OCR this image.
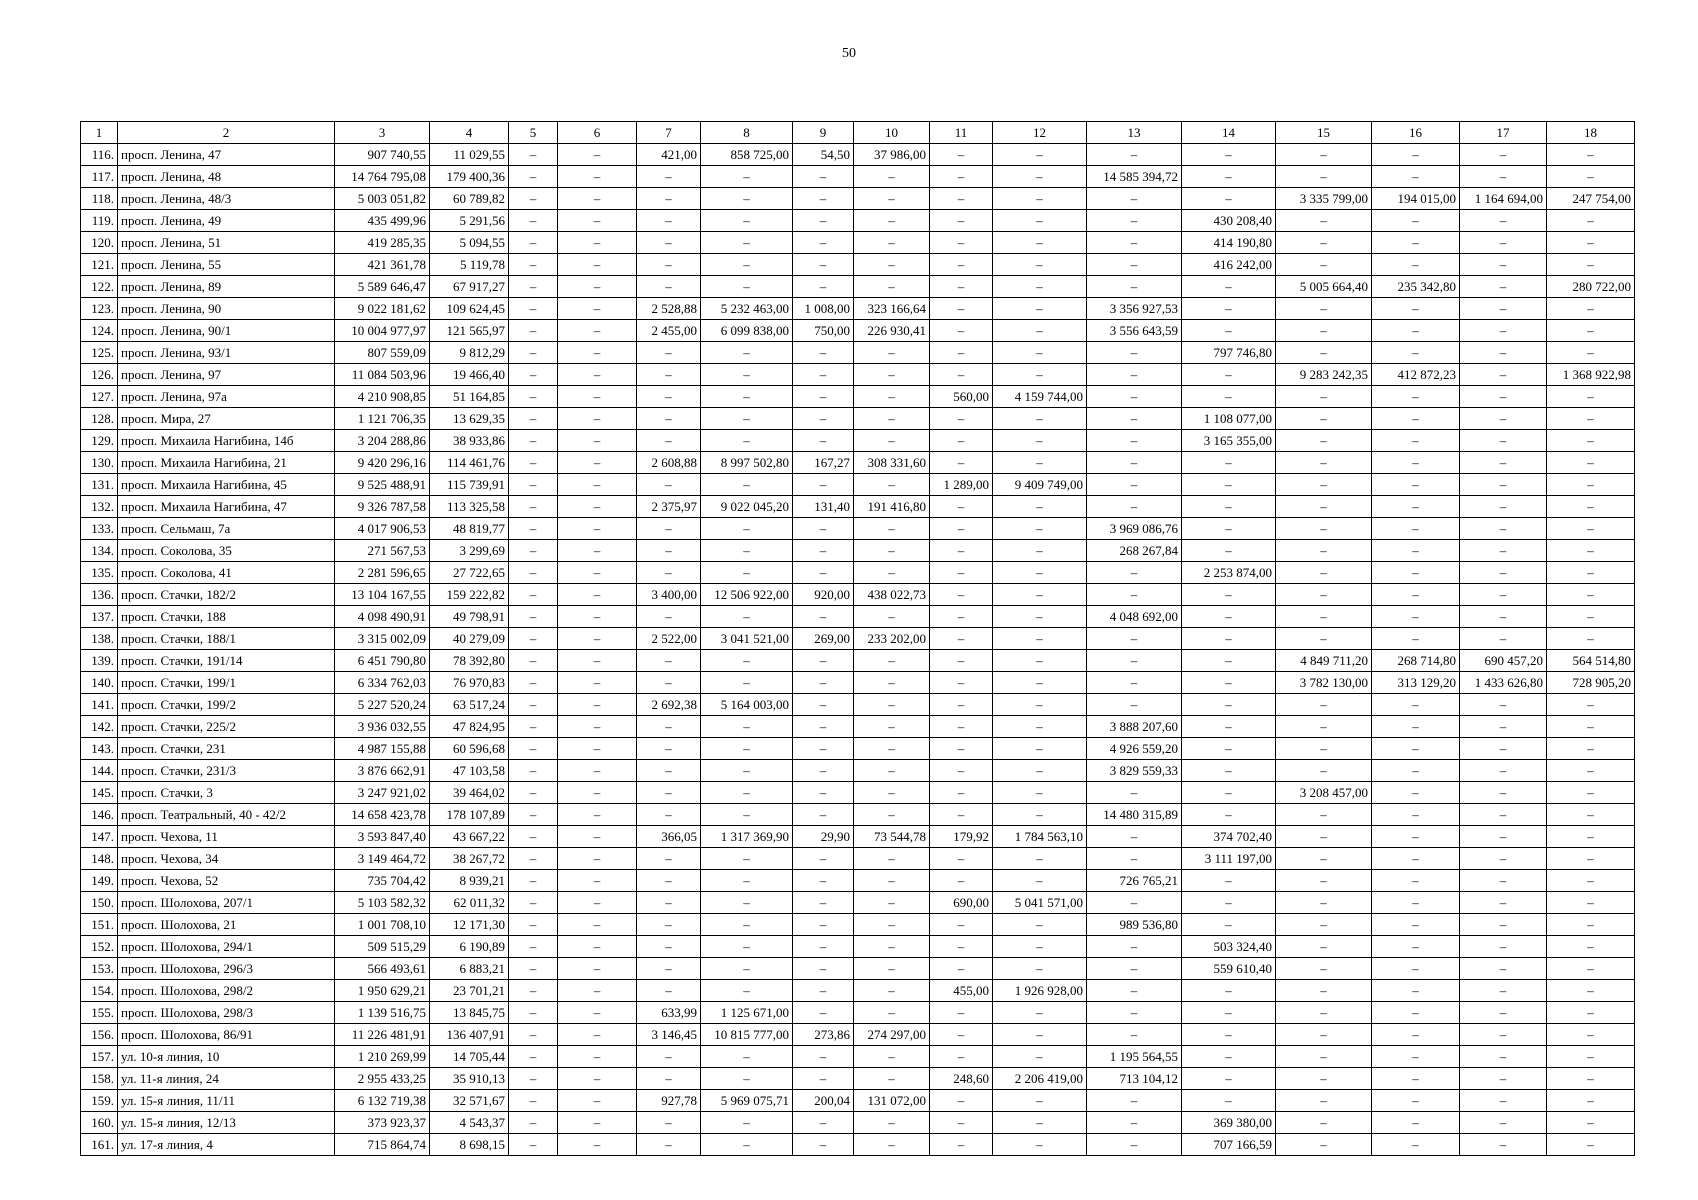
50
1	2	3	4	5	6	7	8	9	10	11	12	13	14	15	16	17	18
116.	просп. Ленина, 47	907 740,55	11 029,55	–	–	421,00	858 725,00	54,50	37 986,00	–	–	–	–	–	–	–	–
117.	просп. Ленина, 48	14 764 795,08	179 400,36	–	–	–	–	–	–	–	–	14 585 394,72	–	–	–	–	–
118.	просп. Ленина, 48/3	5 003 051,82	60 789,82	–	–	–	–	–	–	–	–	–	–	3 335 799,00	194 015,00	1 164 694,00	247 754,00
119.	просп. Ленина, 49	435 499,96	5 291,56	–	–	–	–	–	–	–	–	–	430 208,40	–	–	–	–
120.	просп. Ленина, 51	419 285,35	5 094,55	–	–	–	–	–	–	–	–	–	414 190,80	–	–	–	–
121.	просп. Ленина, 55	421 361,78	5 119,78	–	–	–	–	–	–	–	–	–	416 242,00	–	–	–	–
122.	просп. Ленина, 89	5 589 646,47	67 917,27	–	–	–	–	–	–	–	–	–	–	5 005 664,40	235 342,80	–	280 722,00
123.	просп. Ленина, 90	9 022 181,62	109 624,45	–	–	2 528,88	5 232 463,00	1 008,00	323 166,64	–	–	3 356 927,53	–	–	–	–	–
124.	просп. Ленина, 90/1	10 004 977,97	121 565,97	–	–	2 455,00	6 099 838,00	750,00	226 930,41	–	–	3 556 643,59	–	–	–	–	–
125.	просп. Ленина, 93/1	807 559,09	9 812,29	–	–	–	–	–	–	–	–	–	797 746,80	–	–	–	–
126.	просп. Ленина, 97	11 084 503,96	19 466,40	–	–	–	–	–	–	–	–	–	–	9 283 242,35	412 872,23	–	1 368 922,98
127.	просп. Ленина, 97а	4 210 908,85	51 164,85	–	–	–	–	–	–	560,00	4 159 744,00	–	–	–	–	–	–
128.	просп. Мира, 27	1 121 706,35	13 629,35	–	–	–	–	–	–	–	–	–	1 108 077,00	–	–	–	–
129.	просп. Михаила Нагибина, 14б	3 204 288,86	38 933,86	–	–	–	–	–	–	–	–	–	3 165 355,00	–	–	–	–
130.	просп. Михаила Нагибина, 21	9 420 296,16	114 461,76	–	–	2 608,88	8 997 502,80	167,27	308 331,60	–	–	–	–	–	–	–	–
131.	просп. Михаила Нагибина, 45	9 525 488,91	115 739,91	–	–	–	–	–	–	1 289,00	9 409 749,00	–	–	–	–	–	–
132.	просп. Михаила Нагибина, 47	9 326 787,58	113 325,58	–	–	2 375,97	9 022 045,20	131,40	191 416,80	–	–	–	–	–	–	–	–
133.	просп. Сельмаш, 7а	4 017 906,53	48 819,77	–	–	–	–	–	–	–	–	3 969 086,76	–	–	–	–	–
134.	просп. Соколова, 35	271 567,53	3 299,69	–	–	–	–	–	–	–	–	268 267,84	–	–	–	–	–
135.	просп. Соколова, 41	2 281 596,65	27 722,65	–	–	–	–	–	–	–	–	–	2 253 874,00	–	–	–	–
136.	просп. Стачки, 182/2	13 104 167,55	159 222,82	–	–	3 400,00	12 506 922,00	920,00	438 022,73	–	–	–	–	–	–	–	–
137.	просп. Стачки, 188	4 098 490,91	49 798,91	–	–	–	–	–	–	–	–	4 048 692,00	–	–	–	–	–
138.	просп. Стачки, 188/1	3 315 002,09	40 279,09	–	–	2 522,00	3 041 521,00	269,00	233 202,00	–	–	–	–	–	–	–	–
139.	просп. Стачки, 191/14	6 451 790,80	78 392,80	–	–	–	–	–	–	–	–	–	–	4 849 711,20	268 714,80	690 457,20	564 514,80
140.	просп. Стачки, 199/1	6 334 762,03	76 970,83	–	–	–	–	–	–	–	–	–	–	3 782 130,00	313 129,20	1 433 626,80	728 905,20
141.	просп. Стачки, 199/2	5 227 520,24	63 517,24	–	–	2 692,38	5 164 003,00	–	–	–	–	–	–	–	–	–	–
142.	просп. Стачки, 225/2	3 936 032,55	47 824,95	–	–	–	–	–	–	–	–	3 888 207,60	–	–	–	–	–
143.	просп. Стачки, 231	4 987 155,88	60 596,68	–	–	–	–	–	–	–	–	4 926 559,20	–	–	–	–	–
144.	просп. Стачки, 231/3	3 876 662,91	47 103,58	–	–	–	–	–	–	–	–	3 829 559,33	–	–	–	–	–
145.	просп. Стачки, 3	3 247 921,02	39 464,02	–	–	–	–	–	–	–	–	–	–	3 208 457,00	–	–	–
146.	просп. Театральный, 40 - 42/2	14 658 423,78	178 107,89	–	–	–	–	–	–	–	–	14 480 315,89	–	–	–	–	–
147.	просп. Чехова, 11	3 593 847,40	43 667,22	–	–	366,05	1 317 369,90	29,90	73 544,78	179,92	1 784 563,10	–	374 702,40	–	–	–	–
148.	просп. Чехова, 34	3 149 464,72	38 267,72	–	–	–	–	–	–	–	–	–	3 111 197,00	–	–	–	–
149.	просп. Чехова, 52	735 704,42	8 939,21	–	–	–	–	–	–	–	–	726 765,21	–	–	–	–	–
150.	просп. Шолохова, 207/1	5 103 582,32	62 011,32	–	–	–	–	–	–	690,00	5 041 571,00	–	–	–	–	–	–
151.	просп. Шолохова, 21	1 001 708,10	12 171,30	–	–	–	–	–	–	–	–	989 536,80	–	–	–	–	–
152.	просп. Шолохова, 294/1	509 515,29	6 190,89	–	–	–	–	–	–	–	–	–	503 324,40	–	–	–	–
153.	просп. Шолохова, 296/3	566 493,61	6 883,21	–	–	–	–	–	–	–	–	–	559 610,40	–	–	–	–
154.	просп. Шолохова, 298/2	1 950 629,21	23 701,21	–	–	–	–	–	–	455,00	1 926 928,00	–	–	–	–	–	–
155.	просп. Шолохова, 298/3	1 139 516,75	13 845,75	–	–	633,99	1 125 671,00	–	–	–	–	–	–	–	–	–	–
156.	просп. Шолохова, 86/91	11 226 481,91	136 407,91	–	–	3 146,45	10 815 777,00	273,86	274 297,00	–	–	–	–	–	–	–	–
157.	ул. 10-я линия, 10	1 210 269,99	14 705,44	–	–	–	–	–	–	–	–	1 195 564,55	–	–	–	–	–
158.	ул. 11-я линия, 24	2 955 433,25	35 910,13	–	–	–	–	–	–	248,60	2 206 419,00	713 104,12	–	–	–	–	–
159.	ул. 15-я линия, 11/11	6 132 719,38	32 571,67	–	–	927,78	5 969 075,71	200,04	131 072,00	–	–	–	–	–	–	–	–
160.	ул. 15-я линия, 12/13	373 923,37	4 543,37	–	–	–	–	–	–	–	–	–	369 380,00	–	–	–	–
161.	ул. 17-я линия, 4	715 864,74	8 698,15	–	–	–	–	–	–	–	–	–	707 166,59	–	–	–	–
